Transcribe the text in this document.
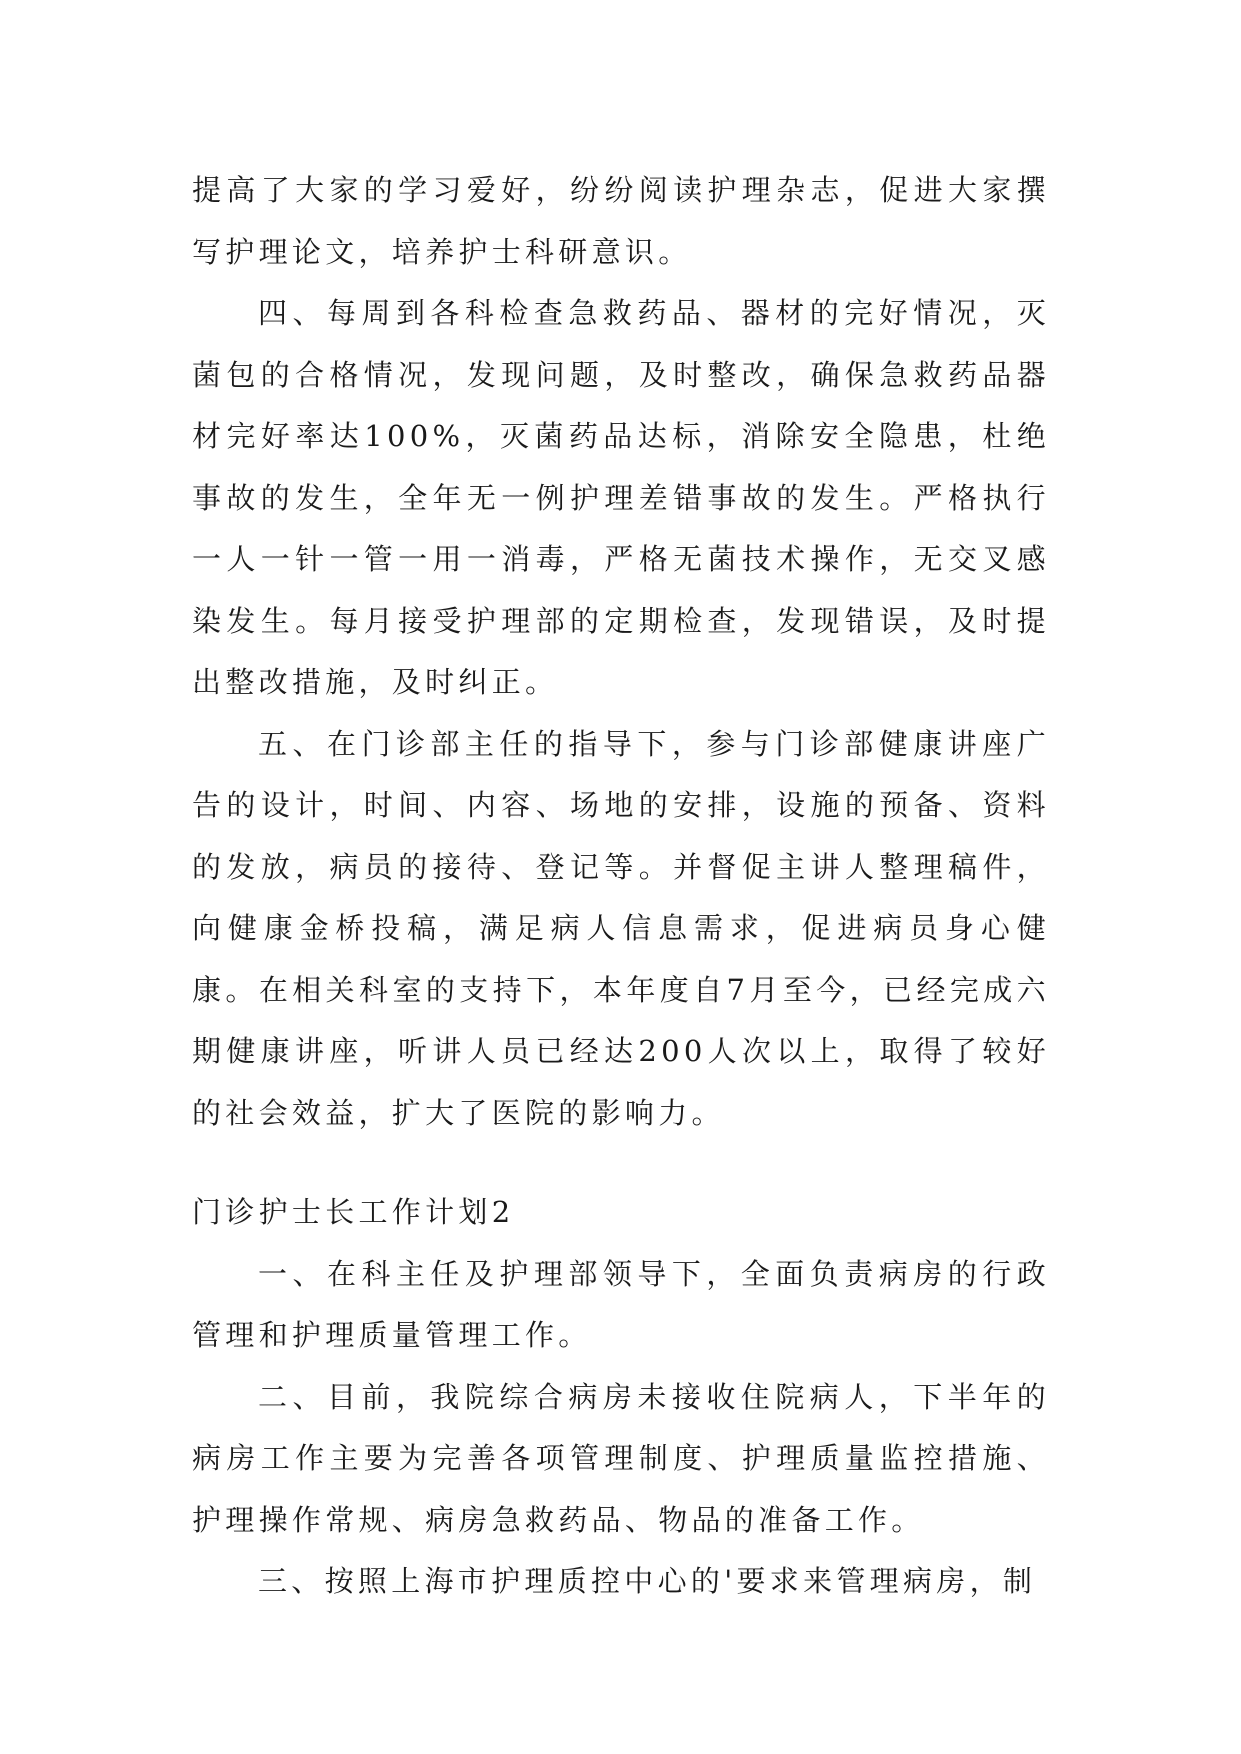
提高了大家的学习爱好，纷纷阅读护理杂志，促进大家撰写护理论文，培养护士科研意识。

四、每周到各科检查急救药品、器材的完好情况，灭菌包的合格情况，发现问题，及时整改，确保急救药品器材完好率达100%，灭菌药品达标，消除安全隐患，杜绝事故的发生，全年无一例护理差错事故的发生。严格执行一人一针一管一用一消毒，严格无菌技术操作，无交叉感染发生。每月接受护理部的定期检查，发现错误，及时提出整改措施，及时纠正。

五、在门诊部主任的指导下，参与门诊部健康讲座广告的设计，时间、内容、场地的安排，设施的预备、资料的发放，病员的接待、登记等。并督促主讲人整理稿件，向健康金桥投稿，满足病人信息需求，促进病员身心健康。在相关科室的支持下，本年度自7月至今，已经完成六期健康讲座，听讲人员已经达200人次以上，取得了较好的社会效益，扩大了医院的影响力。

门诊护士长工作计划2

一、在科主任及护理部领导下，全面负责病房的行政管理和护理质量管理工作。

二、目前，我院综合病房未接收住院病人，下半年的病房工作主要为完善各项管理制度、护理质量监控措施、护理操作常规、病房急救药品、物品的准备工作。

三、按照上海市护理质控中心的'要求来管理病房，制
